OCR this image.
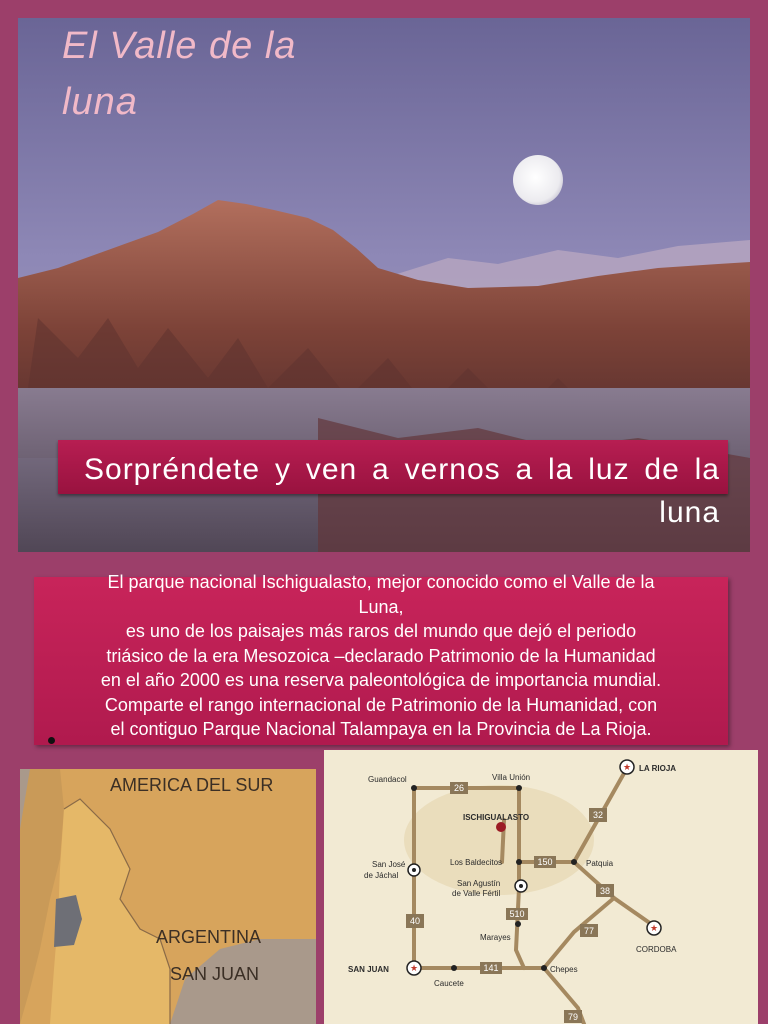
El Valle de la
luna

Sorpréndete y ven a vernos a la luz de la luna

El parque nacional Ischigualasto, mejor conocido como el Valle de la
Luna,
es uno de los paisajes más raros del mundo que dejó el periodo
triásico de la era Mesozoica –declarado Patrimonio de la Humanidad
en el año 2000 es una reserva paleontológica de importancia mundial.
Comparte el rango internacional de Patrimonio de la Humanidad, con
el contiguo Parque Nacional Talampaya en la Provincia de La Rioja.

AMERICA DEL SUR
ARGENTINA
SAN JUAN	★
★
★
26
32
150
38
40
510
77
141
79
Guandacol	Villa Unión
LA RIOJA
ISCHIGUALASTO
San José
de Jáchal
Los Baldecitos	Patquia
San Agustín
de Valle Fértil
Marayes
CORDOBA
SAN JUAN
Caucete
Chepes
